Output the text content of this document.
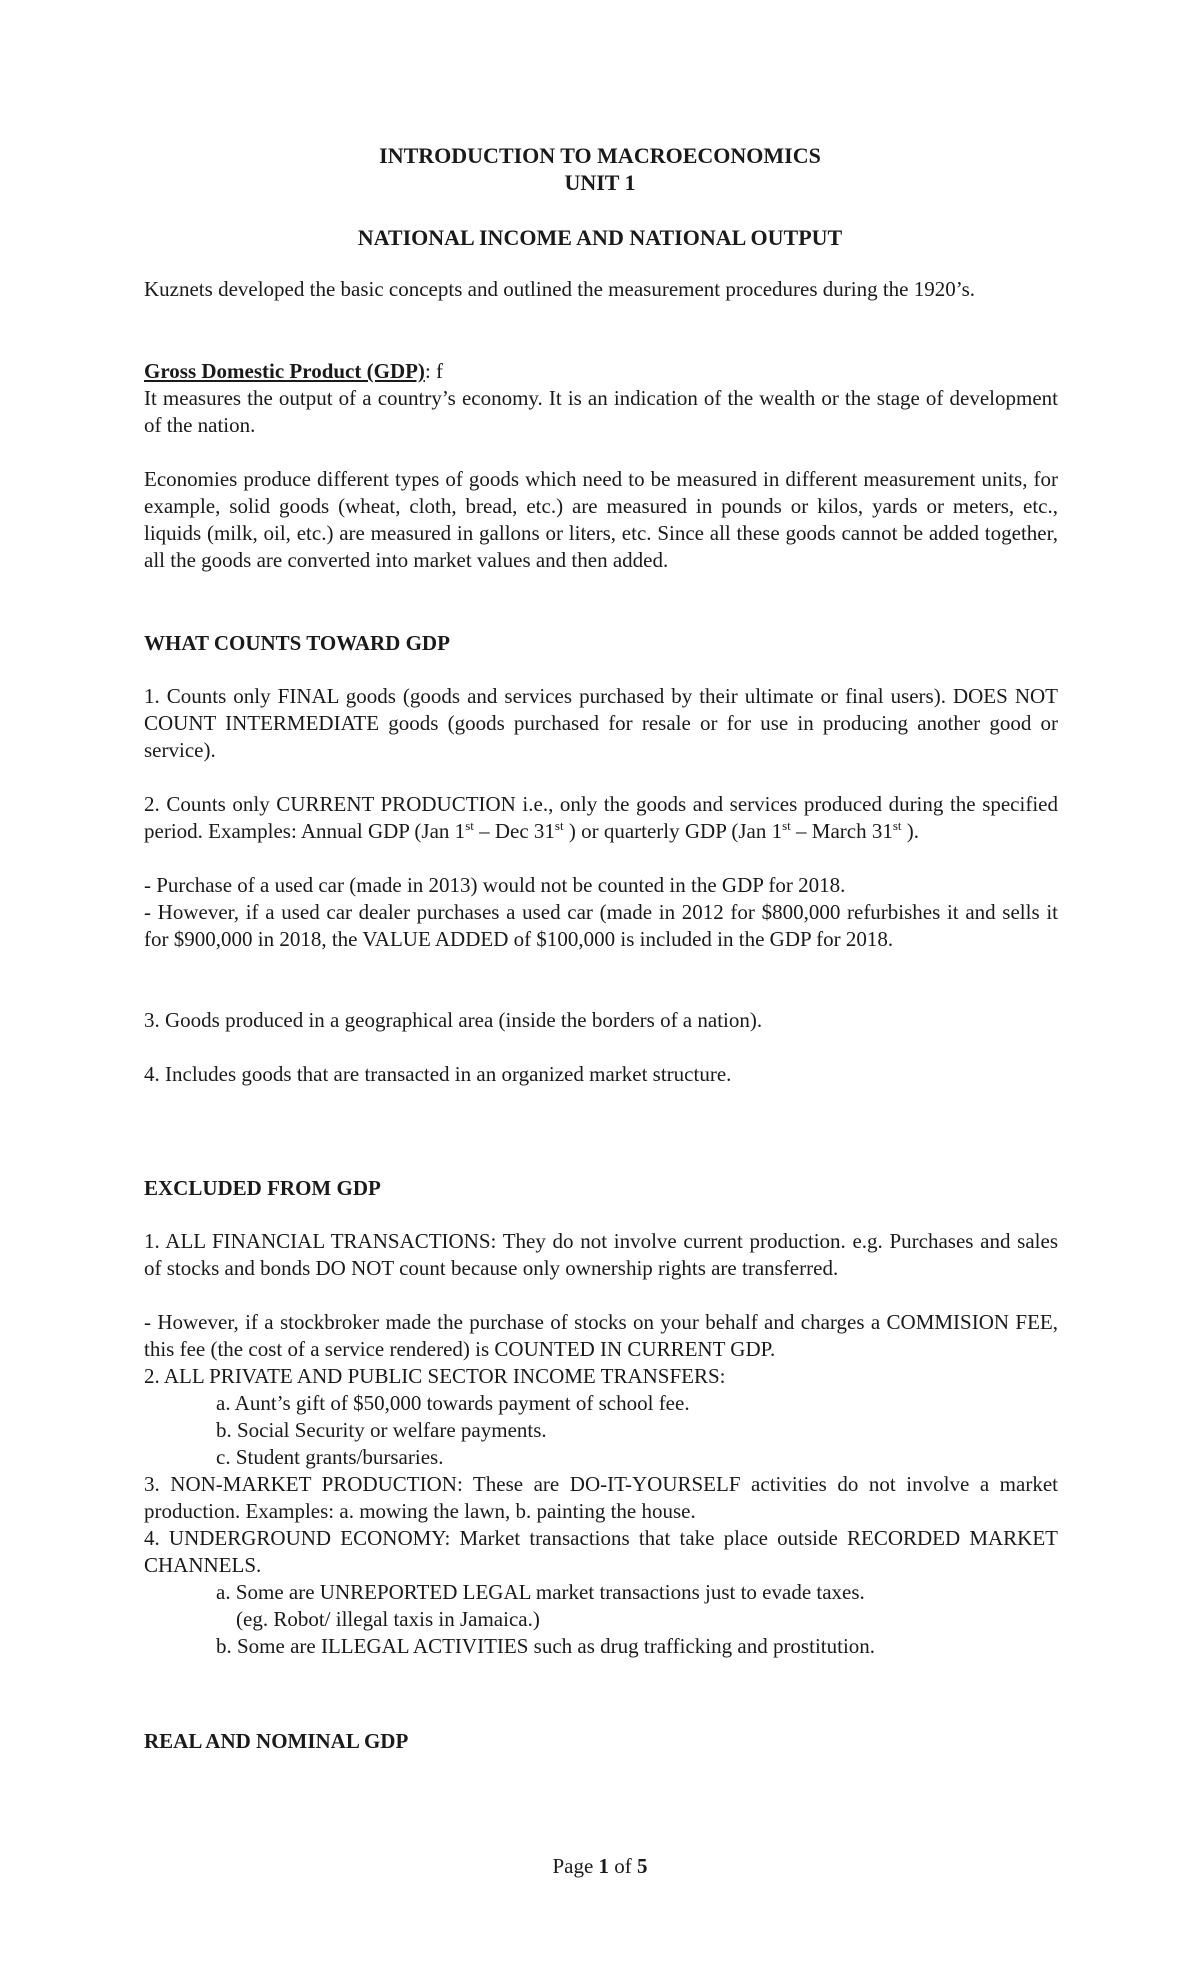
INTRODUCTION TO MACROECONOMICS
UNIT 1
NATIONAL INCOME AND NATIONAL OUTPUT
Kuznets developed the basic concepts and outlined the measurement procedures during the 1920’s.
Gross Domestic Product (GDP): f
It measures the output of a country’s economy. It is an indication of the wealth or the stage of development of the nation.
Economies produce different types of goods which need to be measured in different measurement units, for example, solid goods (wheat, cloth, bread, etc.) are measured in pounds or kilos, yards or meters, etc., liquids (milk, oil, etc.) are measured in gallons or liters, etc. Since all these goods cannot be added together, all the goods are converted into market values and then added.
WHAT COUNTS TOWARD GDP
1. Counts only FINAL goods (goods and services purchased by their ultimate or final users). DOES NOT COUNT INTERMEDIATE goods (goods purchased for resale or for use in producing another good or service).
2. Counts only CURRENT PRODUCTION i.e., only the goods and services produced during the specified period. Examples: Annual GDP (Jan 1st – Dec 31st ) or quarterly GDP (Jan 1st – March 31st ).
- Purchase of a used car (made in 2013) would not be counted in the GDP for 2018.
- However, if a used car dealer purchases a used car (made in 2012 for $800,000 refurbishes it and sells it for $900,000 in 2018, the VALUE ADDED of $100,000 is included in the GDP for 2018.
3. Goods produced in a geographical area (inside the borders of a nation).
4. Includes goods that are transacted in an organized market structure.
EXCLUDED FROM GDP
1. ALL FINANCIAL TRANSACTIONS: They do not involve current production. e.g. Purchases and sales of stocks and bonds DO NOT count because only ownership rights are transferred.
- However, if a stockbroker made the purchase of stocks on your behalf and charges a COMMISION FEE, this fee (the cost of a service rendered) is COUNTED IN CURRENT GDP.
2. ALL PRIVATE AND PUBLIC SECTOR INCOME TRANSFERS:
a. Aunt’s gift of $50,000 towards payment of school fee.
b. Social Security or welfare payments.
c. Student grants/bursaries.
3. NON-MARKET PRODUCTION: These are DO-IT-YOURSELF activities do not involve a market production. Examples: a. mowing the lawn, b. painting the house.
4. UNDERGROUND ECONOMY: Market transactions that take place outside RECORDED MARKET CHANNELS.
a. Some are UNREPORTED LEGAL market transactions just to evade taxes.
(eg. Robot/ illegal taxis in Jamaica.)
b. Some are ILLEGAL ACTIVITIES such as drug trafficking and prostitution.
REAL AND NOMINAL GDP
Page 1 of 5
